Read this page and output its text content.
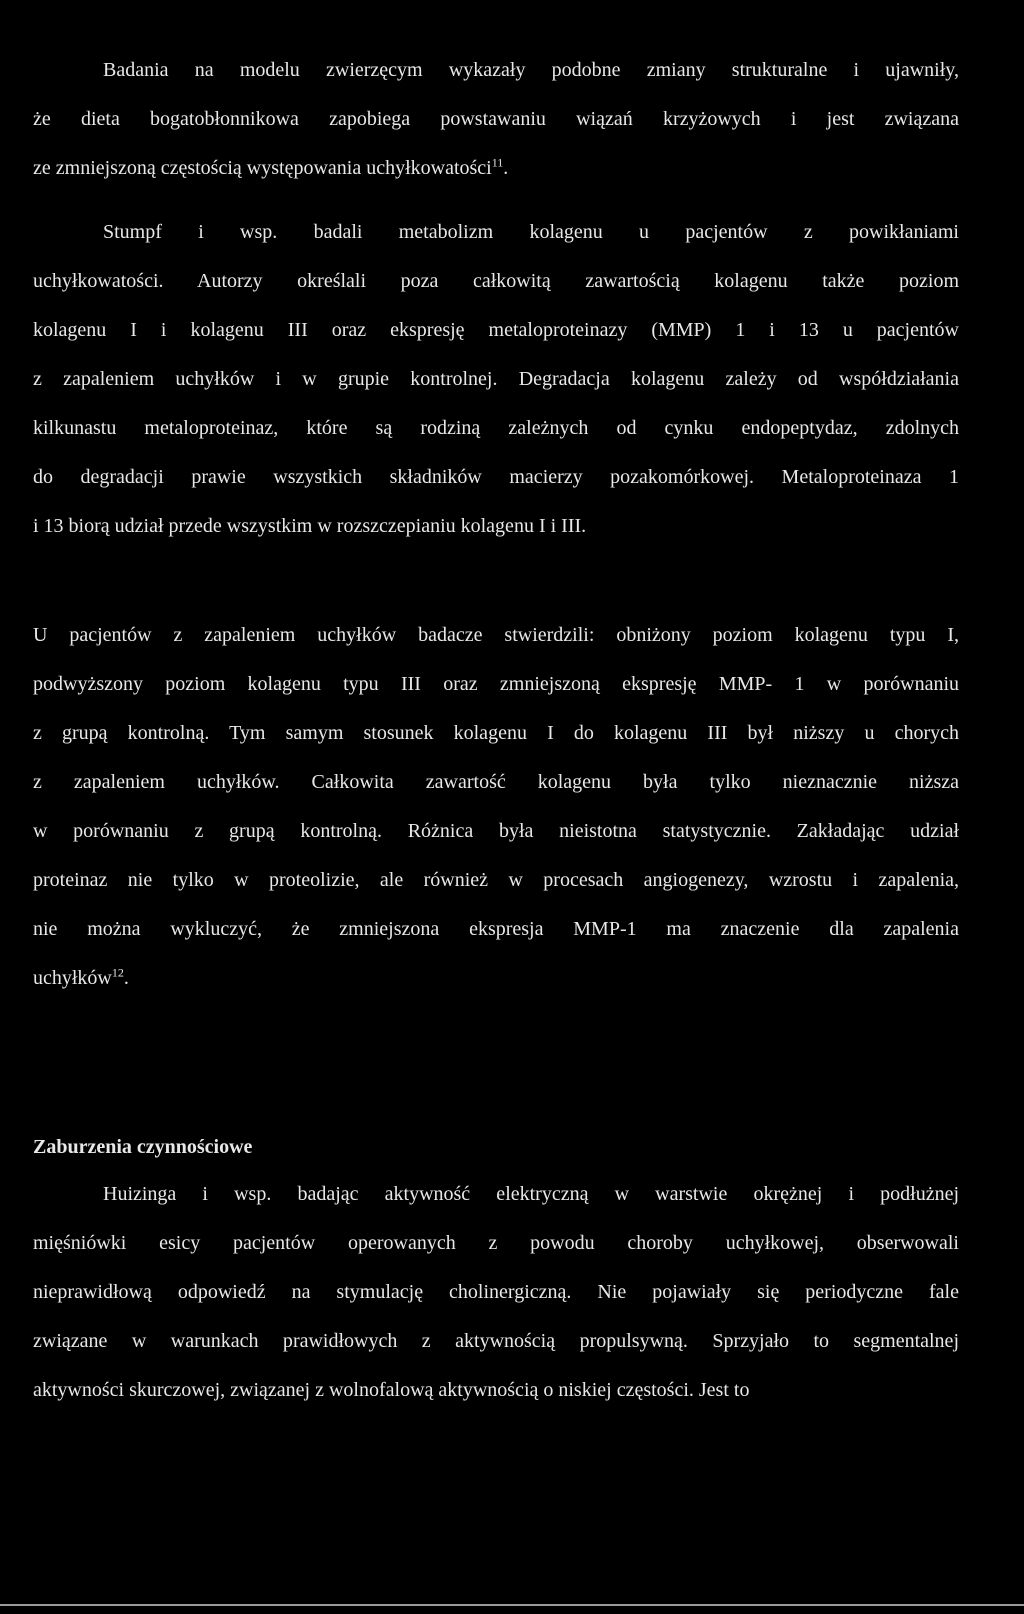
Badania na modelu zwierzęcym wykazały podobne zmiany strukturalne i ujawniły,
że dieta bogatobłonnikowa zapobiega powstawaniu wiązań krzyżowych i jest związana
ze zmniejszoną częstością występowania uchyłkowatości$^{11}$.
Stumpf i wsp. badali metabolizm kolagenu u pacjentów z powikłaniami
uchyłkowatości. Autorzy określali poza całkowitą zawartością kolagenu także poziom
kolagenu I i kolagenu III oraz ekspresję metaloproteinazy (MMP) 1 i 13 u pacjentów
z zapaleniem uchyłków i w grupie kontrolnej. Degradacja kolagenu zależy od współdziałania
kilkunastu metaloproteinaz, które są rodziną zależnych od cynku endopeptydaz, zdolnych
do degradacji prawie wszystkich składników macierzy pozakomórkowej. Metaloproteinaza 1
i 13 biorą udział przede wszystkim w rozszczepianiu kolagenu I i III.
U pacjentów z zapaleniem uchyłków badacze stwierdzili: obniżony poziom kolagenu typu I,
podwyższony poziom kolagenu typu III oraz zmniejszoną ekspresję MMP- 1 w porównaniu
z grupą kontrolną. Tym samym stosunek kolagenu I do kolagenu III był niższy u chorych
z zapaleniem uchyłków. Całkowita zawartość kolagenu była tylko nieznacznie niższa
w porównaniu z grupą kontrolną. Różnica była nieistotna statystycznie. Zakładając udział
proteinaz nie tylko w proteolizie, ale również w procesach angiogenezy, wzrostu i zapalenia,
nie można wykluczyć, że zmniejszona ekspresja MMP-1 ma znaczenie dla zapalenia
uchyłków$^{12}$.
Zaburzenia czynnościowe
Huizinga i wsp. badając aktywność elektryczną w warstwie okrężnej i podłużnej
mięśniówki esicy pacjentów operowanych z powodu choroby uchyłkowej, obserwowali
nieprawidłową odpowiedź na stymulację cholinergiczną. Nie pojawiały się periodyczne fale
związane w warunkach prawidłowych z aktywnością propulsywną. Sprzyjało to segmentalnej
aktywności skurczowej, związanej z wolnofalową aktywnością o niskiej częstości. Jest to
